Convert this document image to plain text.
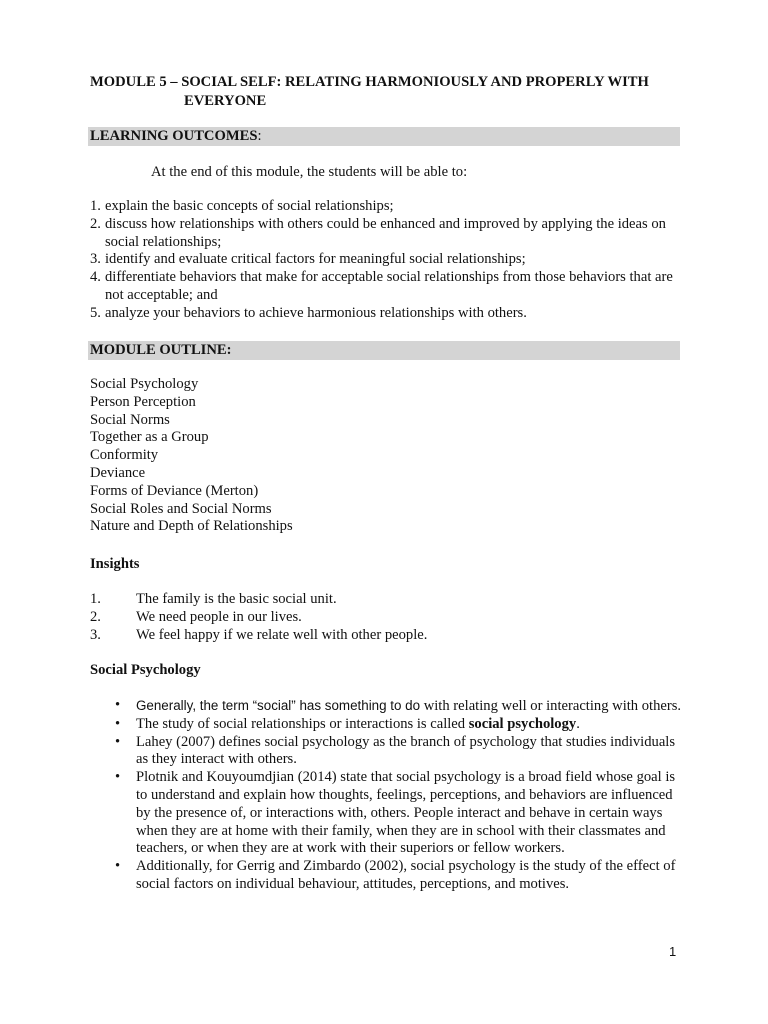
MODULE 5 – SOCIAL SELF: RELATING HARMONIOUSLY AND PROPERLY WITH
EVERYONE
LEARNING OUTCOMES:
At the end of this module, the students will be able to:
1. explain the basic concepts of social relationships;
2. discuss how relationships with others could be enhanced and improved by applying the ideas on social relationships;
3. identify and evaluate critical factors for meaningful social relationships;
4. differentiate behaviors that make for acceptable social relationships from those behaviors that are not acceptable; and
5. analyze your behaviors to achieve harmonious relationships with others.
MODULE OUTLINE:
Social Psychology
Person Perception
Social Norms
Together as a Group
Conformity
Deviance
Forms of Deviance (Merton)
Social Roles and Social Norms
Nature and Depth of Relationships
Insights
1. The family is the basic social unit.
2. We need people in our lives.
3. We feel happy if we relate well with other people.
Social Psychology
• Generally, the term “social” has something to do with relating well or interacting with others.
• The study of social relationships or interactions is called social psychology.
• Lahey (2007) defines social psychology as the branch of psychology that studies individuals as they interact with others.
• Plotnik and Kouyoumdjian (2014) state that social psychology is a broad field whose goal is to understand and explain how thoughts, feelings, perceptions, and behaviors are influenced by the presence of, or interactions with, others. People interact and behave in certain ways when they are at home with their family, when they are in school with their classmates and teachers, or when they are at work with their superiors or fellow workers.
• Additionally, for Gerrig and Zimbardo (2002), social psychology is the study of the effect of social factors on individual behaviour, attitudes, perceptions, and motives.
1
